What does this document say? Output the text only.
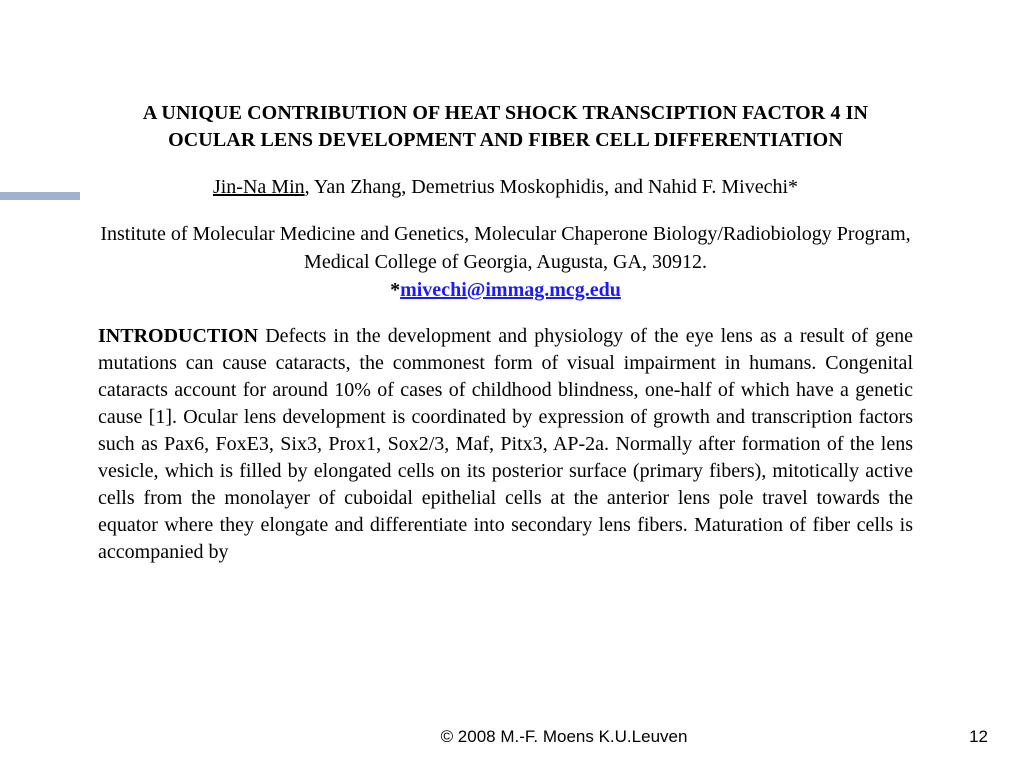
A UNIQUE CONTRIBUTION OF HEAT SHOCK TRANSCIPTION FACTOR 4 IN OCULAR LENS DEVELOPMENT AND FIBER CELL DIFFERENTIATION

Jin-Na Min, Yan Zhang, Demetrius Moskophidis, and Nahid F. Mivechi*

Institute of Molecular Medicine and Genetics, Molecular Chaperone Biology/Radiobiology Program, Medical College of Georgia, Augusta, GA, 30912.
*mivechi@immag.mcg.edu

INTRODUCTION Defects in the development and physiology of the eye lens as a result of gene mutations can cause cataracts, the commonest form of visual impairment in humans. Congenital cataracts account for around 10% of cases of childhood blindness, one-half of which have a genetic cause [1]. Ocular lens development is coordinated by expression of growth and transcription factors such as Pax6, FoxE3, Six3, Prox1, Sox2/3, Maf, Pitx3, AP-2a. Normally after formation of the lens vesicle, which is filled by elongated cells on its posterior surface (primary fibers), mitotically active cells from the monolayer of cuboidal epithelial cells at the anterior lens pole travel towards the equator where they elongate and differentiate into secondary lens fibers. Maturation of fiber cells is accompanied by

© 2008 M.-F. Moens K.U.Leuven	12
